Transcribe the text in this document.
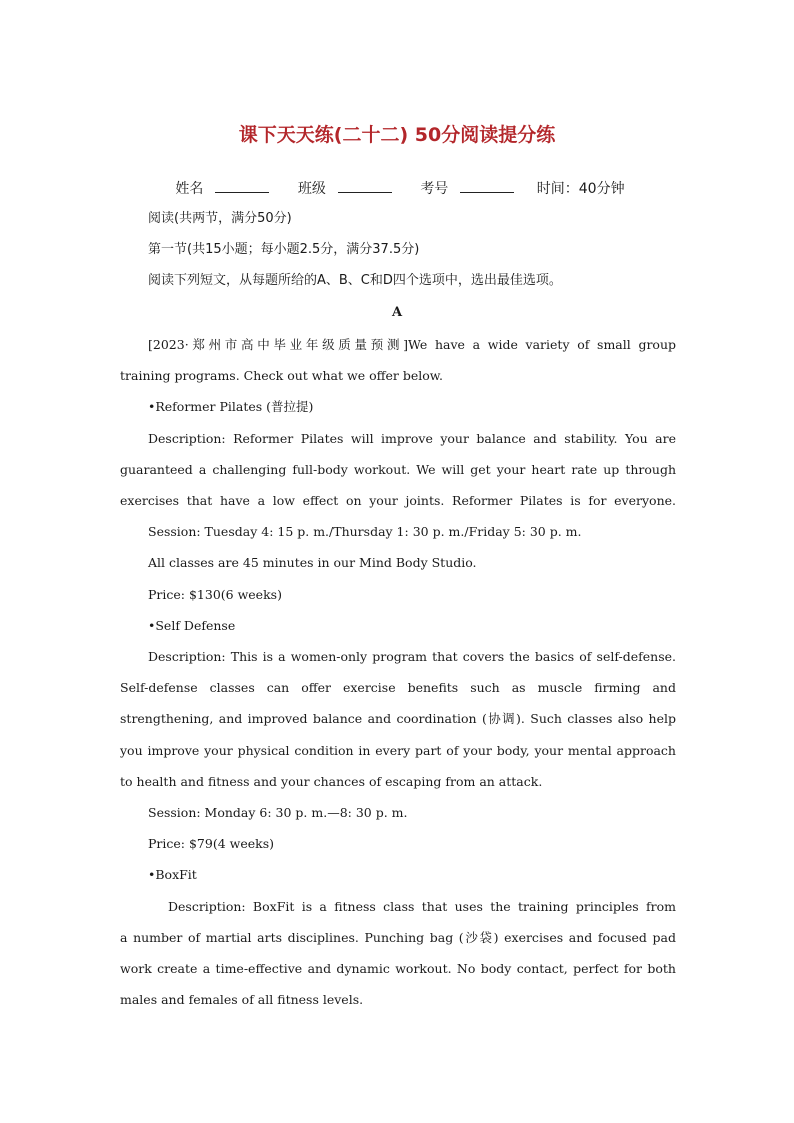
课下天天练(二十二) 50分阅读提分练
姓名	班级	考号	时间：40分钟
阅读(共两节，满分50分)
第一节(共15小题；每小题2.5分，满分37.5分)
阅读下列短文，从每题所给的A、B、C和D四个选项中，选出最佳选项。
A
[2023·郑州市高中毕业年级质量预测]We have a wide variety of small group
training programs. Check out what we offer below.
•Reformer Pilates (普拉提)
Description: Reformer Pilates will improve your balance and stability. You are
guaranteed a challenging full-body workout. We will get your heart rate up through
exercises that have a low effect on your joints. Reformer Pilates is for everyone.
Session: Tuesday 4: 15 p. m./Thursday 1: 30 p. m./Friday 5: 30 p. m.
All classes are 45 minutes in our Mind Body Studio.
Price: $130(6 weeks)
•Self Defense
Description: This is a women-only program that covers the basics of self-defense.
Self-defense classes can offer exercise benefits such as muscle firming and
strengthening, and improved balance and coordination (协调). Such classes also help
you improve your physical condition in every part of your body, your mental approach
to health and fitness and your chances of escaping from an attack.
Session: Monday 6: 30 p. m.—8: 30 p. m.
Price: $79(4 weeks)
•BoxFit
Description: BoxFit is a fitness class that uses the training principles from
a number of martial arts disciplines. Punching bag (沙袋) exercises and focused pad
work create a time-effective and dynamic workout. No body contact, perfect for both
males and females of all fitness levels.
